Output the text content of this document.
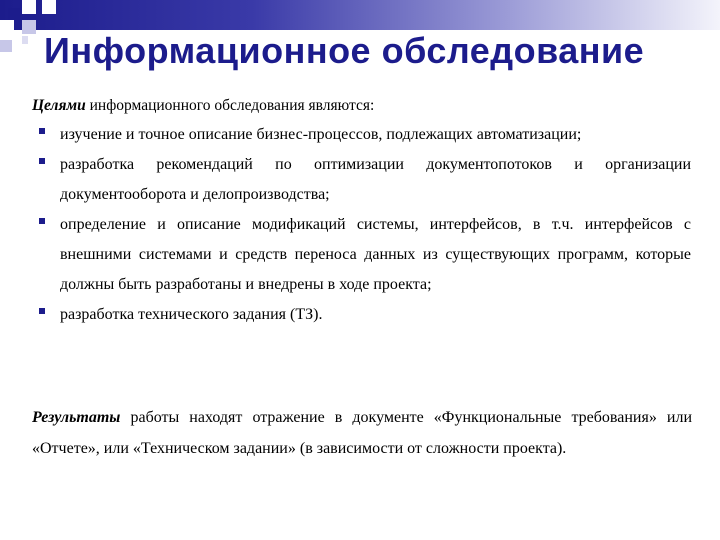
Информационное обследование

Целями информационного обследования являются:

изучение и точное описание бизнес-процессов, подлежащих автоматизации;
разработка рекомендаций по оптимизации документопотоков и организации документооборота и делопроизводства;
определение и описание модификаций системы, интерфейсов, в т.ч. интерфейсов с внешними системами и средств переноса данных из существующих программ, которые должны быть разработаны и внедрены в ходе проекта;
разработка технического задания (ТЗ).

Результаты работы находят отражение в документе «Функциональные требования» или «Отчете», или «Техническом задании» (в зависимости от сложности проекта).
